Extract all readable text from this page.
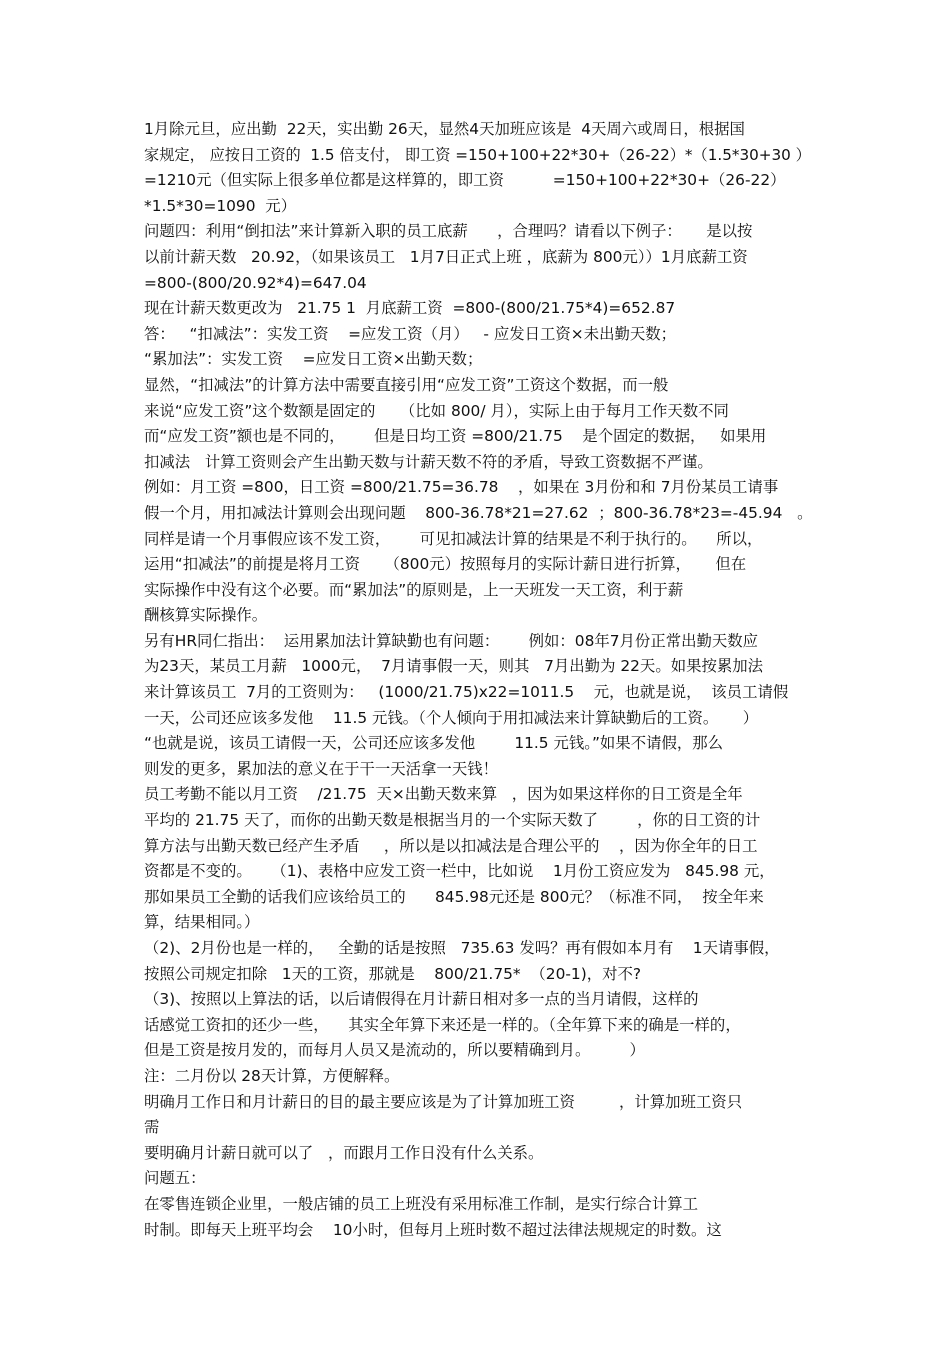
1月除元旦，应出勤  22天，实出勤 26天，显然4天加班应该是  4天周六或周日，根据国
家规定， 应按日工资的  1.5 倍支付， 即工资 =150+100+22*30+（26-22）*（1.5*30+30 ）
=1210元（但实际上很多单位都是这样算的，即工资          =150+100+22*30+（26-22）
*1.5*30=1090  元）
问题四：利用“倒扣法”来计算新入职的员工底薪      ，合理吗？请看以下例子：     是以按
以前计薪天数   20.92，（如果该员工   1月7日正式上班 ，底薪为 800元））1月底薪工资
=800-(800/20.92*4)=647.04
现在计薪天数更改为   21.75 1  月底薪工资  =800-(800/21.75*4)=652.87
答：   “扣减法”：实发工资    =应发工资（月）   - 应发日工资×未出勤天数；
“累加法”：实发工资    =应发日工资×出勤天数；
显然，“扣减法”的计算方法中需要直接引用“应发工资”工资这个数据，而一般
来说“应发工资”这个数额是固定的     （比如 800/ 月），实际上由于每月工作天数不同
而“应发工资”额也是不同的，      但是日均工资 =800/21.75    是个固定的数据，   如果用
扣减法   计算工资则会产生出勤天数与计薪天数不符的矛盾，导致工资数据不严谨。
例如：月工资 =800，日工资 =800/21.75=36.78    ，如果在 3月份和和 7月份某员工请事
假一个月，用扣减法计算则会出现问题    800-36.78*21=27.62  ；800-36.78*23=-45.94   。
同样是请一个月事假应该不发工资，      可见扣减法计算的结果是不利于执行的。    所以，
运用“扣减法”的前提是将月工资     （800元）按照每月的实际计薪日进行折算，     但在
实际操作中没有这个必要。而“累加法”的原则是，上一天班发一天工资，利于薪
酬核算实际操作。
另有HR同仁指出：  运用累加法计算缺勤也有问题：      例如：08年7月份正常出勤天数应
为23天，某员工月薪   1000元，  7月请事假一天，则其   7月出勤为 22天。如果按累加法
来计算该员工  7月的工资则为：   (1000/21.75)x22=1011.5    元，也就是说，  该员工请假
一天，公司还应该多发他    11.5 元钱。（个人倾向于用扣减法来计算缺勤后的工资。     ）
“也就是说，该员工请假一天，公司还应该多发他        11.5 元钱。”如果不请假，那么
则发的更多，累加法的意义在于干一天活拿一天钱！
员工考勤不能以月工资    /21.75  天×出勤天数来算   ，因为如果这样你的日工资是全年
平均的 21.75 天了，而你的出勤天数是根据当月的一个实际天数了        ，你的日工资的计
算方法与出勤天数已经产生矛盾     ，所以是以扣减法是合理公平的    ，因为你全年的日工
资都是不变的。    （1)、表格中应发工资一栏中，比如说    1月份工资应发为   845.98 元，
那如果员工全勤的话我们应该给员工的      845.98元还是 800元？（标准不同，  按全年来
算，结果相同。）
（2)、2月份也是一样的，   全勤的话是按照   735.63 发吗？再有假如本月有    1天请事假，
按照公司规定扣除   1天的工资，那就是    800/21.75*  （20-1)，对不?
（3)、按照以上算法的话，以后请假得在月计薪日相对多一点的当月请假，这样的
话感觉工资扣的还少一些，    其实全年算下来还是一样的。（全年算下来的确是一样的，
但是工资是按月发的，而每月人员又是流动的，所以要精确到月。        ）
注：二月份以 28天计算，方便解释。
明确月工作日和月计薪日的目的最主要应该是为了计算加班工资         ，计算加班工资只
需
要明确月计薪日就可以了   ，而跟月工作日没有什么关系。
问题五：
在零售连锁企业里，一般店铺的员工上班没有采用标准工作制，是实行综合计算工
时制。即每天上班平均会    10小时，但每月上班时数不超过法律法规规定的时数。这
